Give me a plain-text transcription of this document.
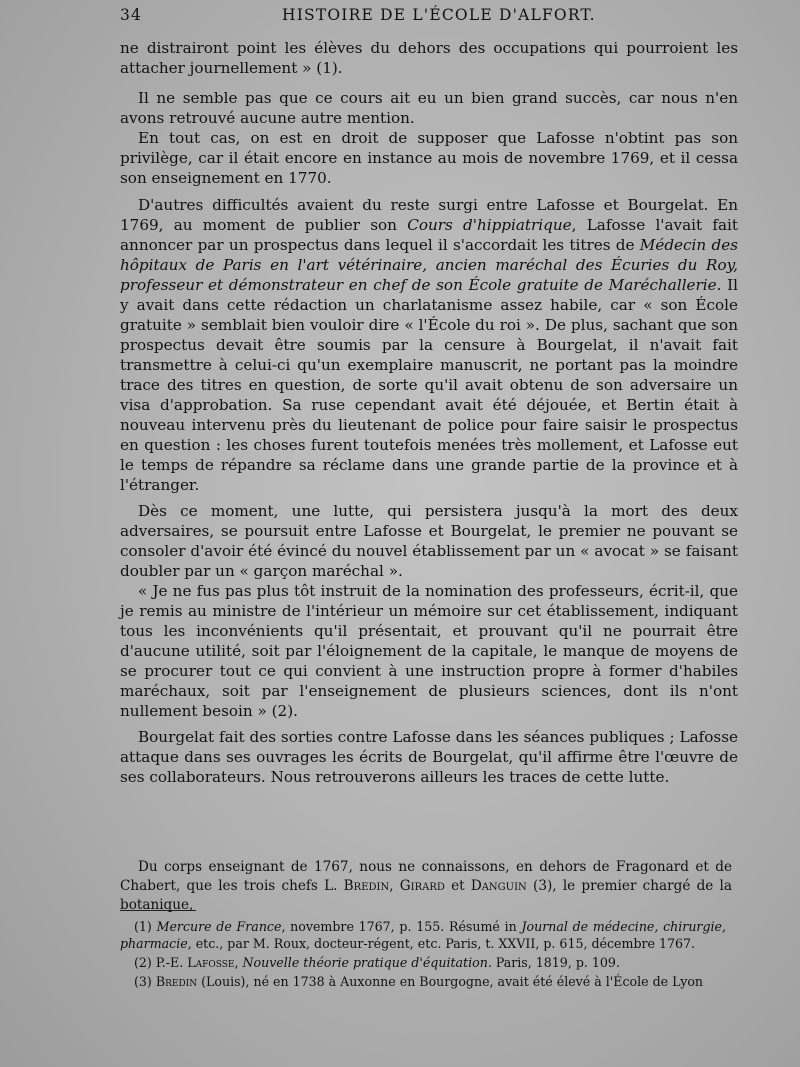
34	HISTOIRE DE L'ÉCOLE D'ALFORT.

ne distrairont point les élèves du dehors des occupations qui pourroient les attacher journellement » (1).

Il ne semble pas que ce cours ait eu un bien grand succès, car nous n'en avons retrouvé aucune autre mention.

En tout cas, on est en droit de supposer que Lafosse n'obtint pas son privilège, car il était encore en instance au mois de novembre 1769, et il cessa son enseignement en 1770.

D'autres difficultés avaient du reste surgi entre Lafosse et Bourgelat. En 1769, au moment de publier son Cours d'hippiatrique, Lafosse l'avait fait annoncer par un prospectus dans lequel il s'accordait les titres de Médecin des hôpitaux de Paris en l'art vétérinaire, ancien maréchal des Écuries du Roy, professeur et démonstrateur en chef de son École gratuite de Maréchallerie. Il y avait dans cette rédaction un charlatanisme assez habile, car « son École gratuite » semblait bien vouloir dire « l'École du roi ». De plus, sachant que son prospectus devait être soumis par la censure à Bourgelat, il n'avait fait transmettre à celui-ci qu'un exemplaire manuscrit, ne portant pas la moindre trace des titres en question, de sorte qu'il avait obtenu de son adversaire un visa d'approbation. Sa ruse cependant avait été déjouée, et Bertin était à nouveau intervenu près du lieutenant de police pour faire saisir le prospectus en question : les choses furent toutefois menées très mollement, et Lafosse eut le temps de répandre sa réclame dans une grande partie de la province et à l'étranger.

Dès ce moment, une lutte, qui persistera jusqu'à la mort des deux adversaires, se poursuit entre Lafosse et Bourgelat, le premier ne pouvant se consoler d'avoir été évincé du nouvel établissement par un « avocat » se faisant doubler par un « garçon maréchal ».

« Je ne fus pas plus tôt instruit de la nomination des professeurs, écrit-il, que je remis au ministre de l'intérieur un mémoire sur cet établissement, indiquant tous les inconvénients qu'il présentait, et prouvant qu'il ne pourrait être d'aucune utilité, soit par l'éloignement de la capitale, le manque de moyens de se procurer tout ce qui convient à une instruction propre à former d'habiles maréchaux, soit par l'enseignement de plusieurs sciences, dont ils n'ont nullement besoin » (2).

Bourgelat fait des sorties contre Lafosse dans les séances publiques ; Lafosse attaque dans ses ouvrages les écrits de Bourgelat, qu'il affirme être l'œuvre de ses collaborateurs. Nous retrouverons ailleurs les traces de cette lutte.

Du corps enseignant de 1767, nous ne connaissons, en dehors de Fragonard et de Chabert, que les trois chefs L. Bredin, Girard et Danguin (3), le premier chargé de la botanique,

(1) Mercure de France, novembre 1767, p. 155. Résumé in Journal de médecine, chirurgie, pharmacie, etc., par M. Roux, docteur-régent, etc. Paris, t. XXVII, p. 615, décembre 1767.

(2) P.-E. Lafosse, Nouvelle théorie pratique d'équitation. Paris, 1819, p. 109.

(3) Bredin (Louis), né en 1738 à Auxonne en Bourgogne, avait été élevé à l'École de Lyon
